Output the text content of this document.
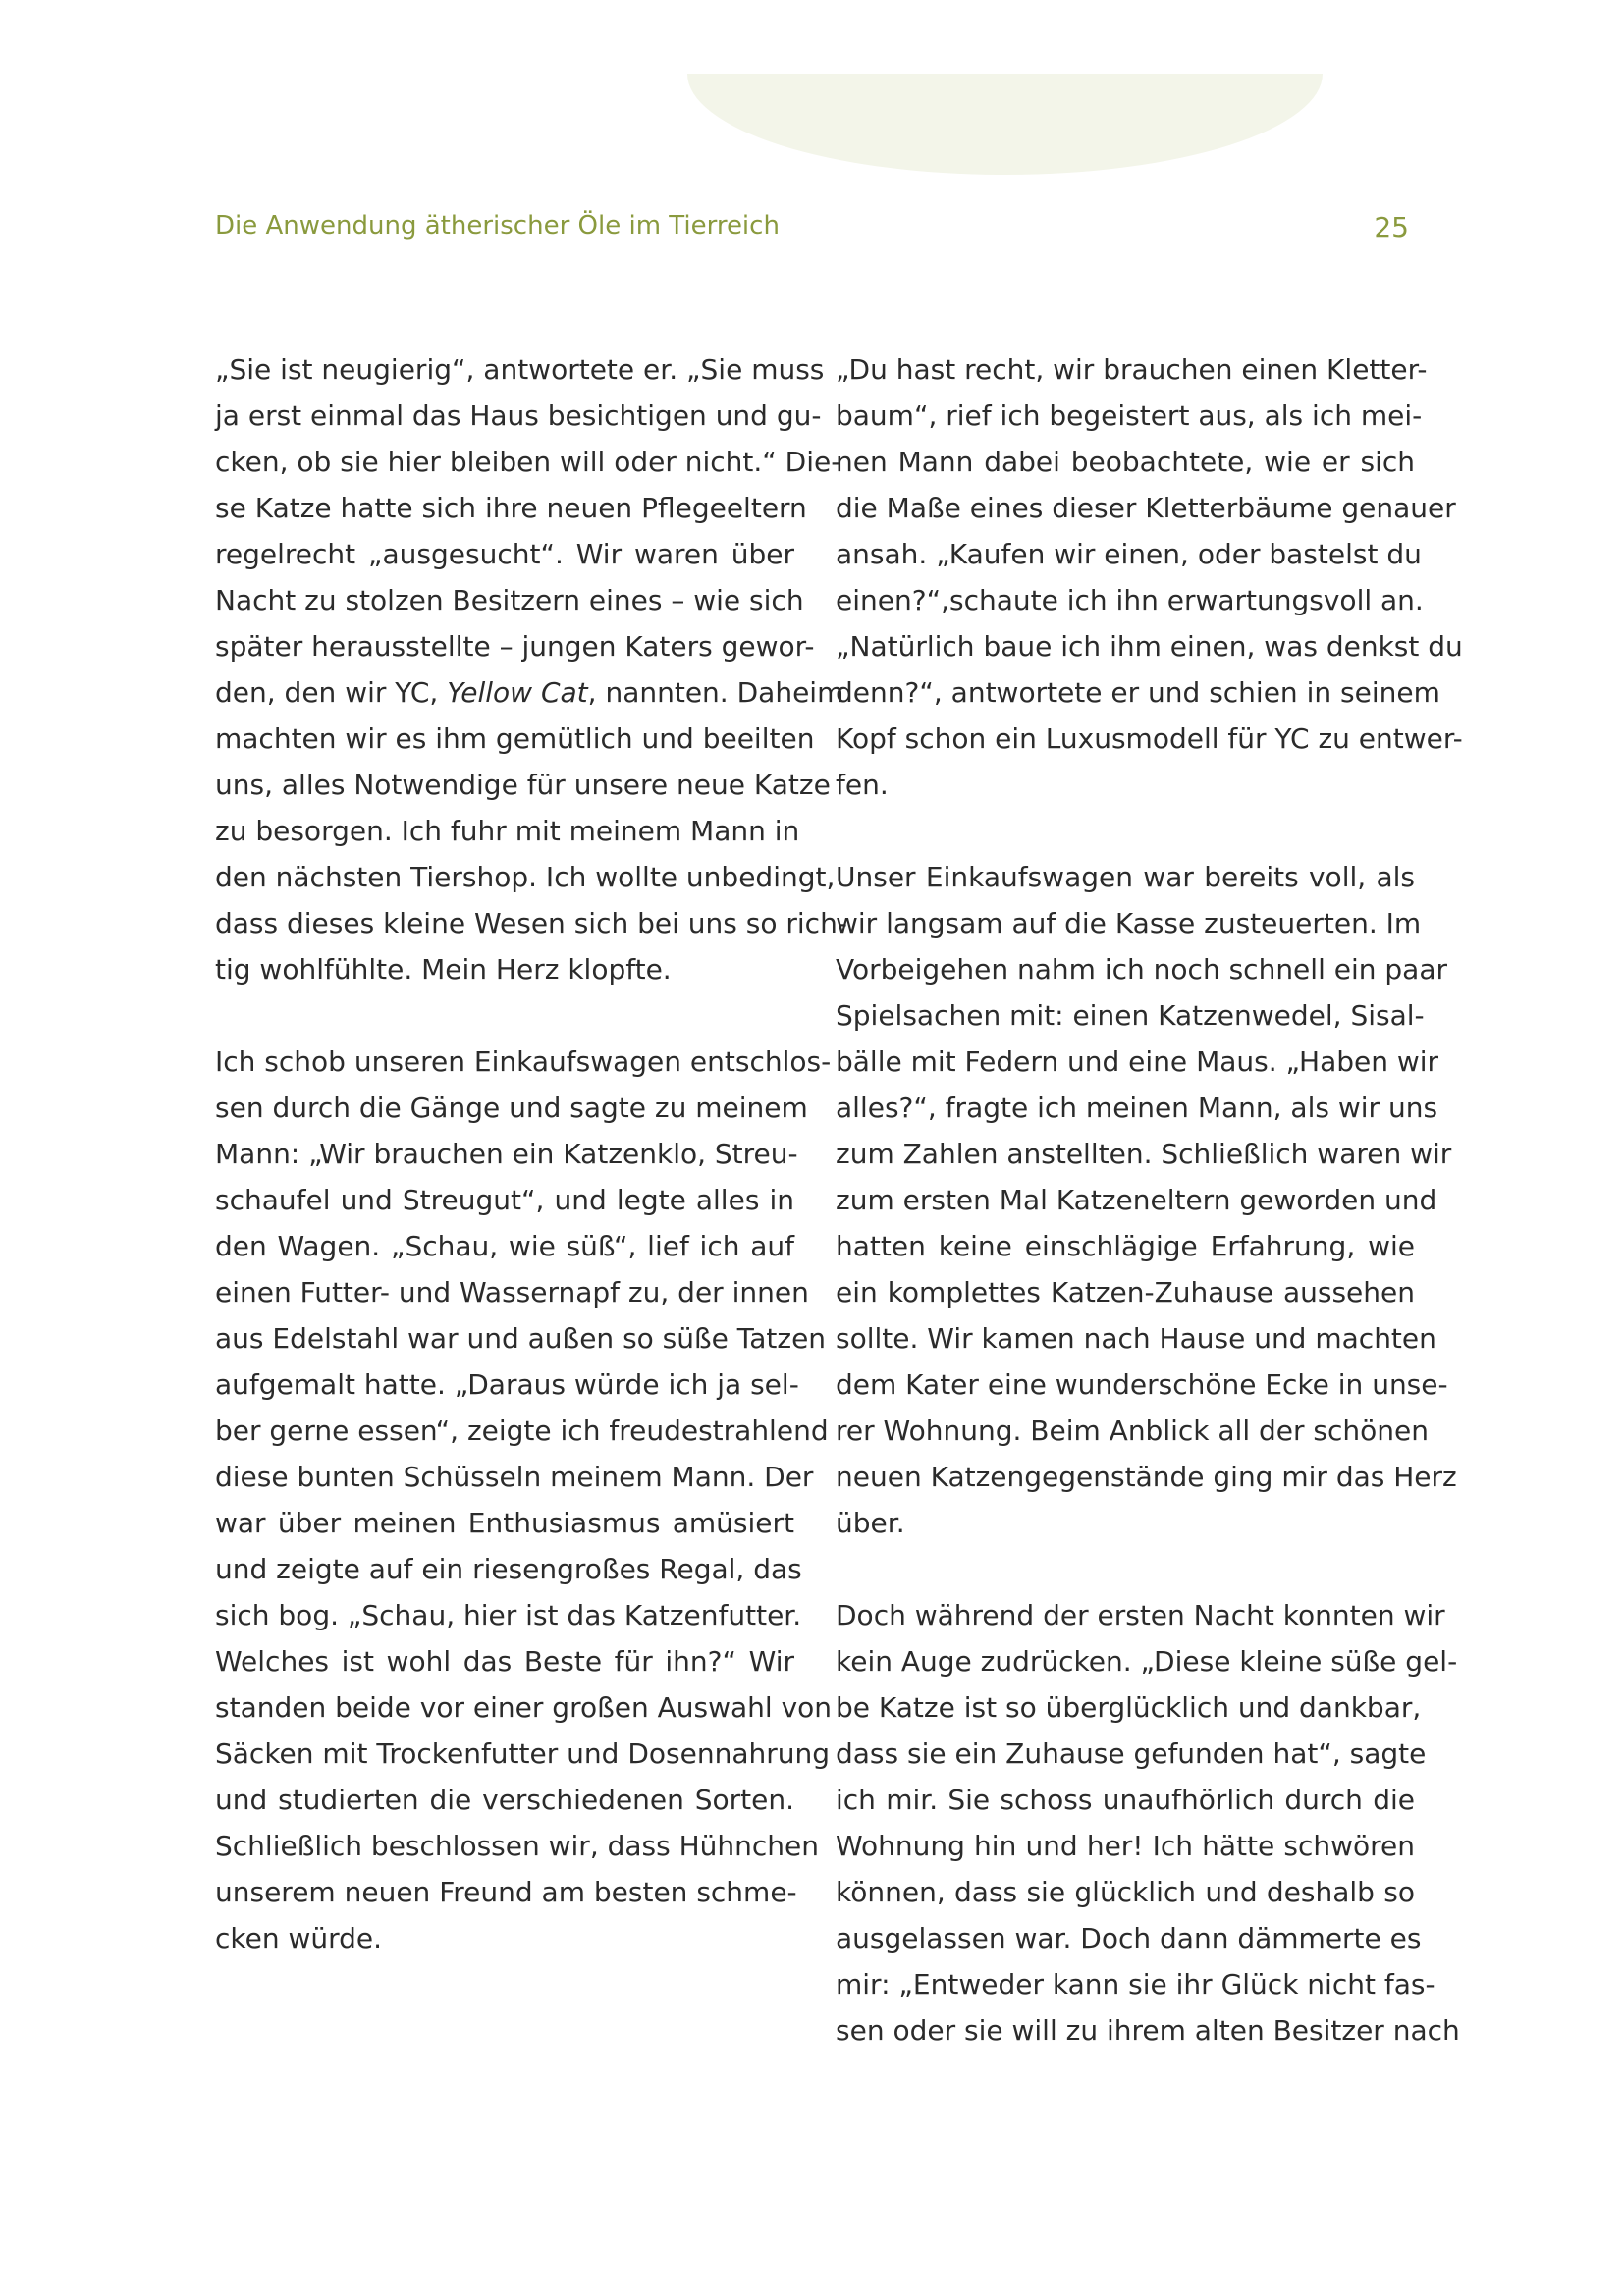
Die Anwendung ätherischer Öle im Tierreich	25
„Sie ist neugierig“, antwortete er. „Sie muss
ja erst einmal das Haus besichtigen und gu-
cken, ob sie hier bleiben will oder nicht.“ Die-
se Katze hatte sich ihre neuen Pflegeeltern
regelrecht „ausgesucht“. Wir waren über
Nacht zu stolzen Besitzern eines – wie sich
später herausstellte – jungen Katers gewor-
den, den wir YC, Yellow Cat, nannten. Daheim
machten wir es ihm gemütlich und beeilten
uns, alles Notwendige für unsere neue Katze
zu besorgen. Ich fuhr mit meinem Mann in
den nächsten Tiershop. Ich wollte unbedingt,
dass dieses kleine Wesen sich bei uns so rich-
tig wohlfühlte. Mein Herz klopfte.
Ich schob unseren Einkaufswagen entschlos-
sen durch die Gänge und sagte zu meinem
Mann: „Wir brauchen ein Katzenklo, Streu-
schaufel und Streugut“, und legte alles in
den Wagen. „Schau, wie süß“, lief ich auf
einen Futter- und Wassernapf zu, der innen
aus Edelstahl war und außen so süße Tatzen
aufgemalt hatte. „Daraus würde ich ja sel-
ber gerne essen“, zeigte ich freudestrahlend
diese bunten Schüsseln meinem Mann. Der
war über meinen Enthusiasmus amüsiert
und zeigte auf ein riesengroßes Regal, das
sich bog. „Schau, hier ist das Katzenfutter.
Welches ist wohl das Beste für ihn?“ Wir
standen beide vor einer großen Auswahl von
Säcken mit Trockenfutter und Dosennahrung
und studierten die verschiedenen Sorten.
Schließlich beschlossen wir, dass Hühnchen
unserem neuen Freund am besten schme-
cken würde.
„Du hast recht, wir brauchen einen Kletter-
baum“, rief ich begeistert aus, als ich mei-
nen Mann dabei beobachtete, wie er sich
die Maße eines dieser Kletterbäume genauer
ansah. „Kaufen wir einen, oder bastelst du
einen?“,schaute ich ihn erwartungsvoll an.
„Natürlich baue ich ihm einen, was denkst du
denn?“, antwortete er und schien in seinem
Kopf schon ein Luxusmodell für YC zu entwer-
fen.
Unser Einkaufswagen war bereits voll, als
wir langsam auf die Kasse zusteuerten. Im
Vorbeigehen nahm ich noch schnell ein paar
Spielsachen mit: einen Katzenwedel, Sisal-
bälle mit Federn und eine Maus. „Haben wir
alles?“, fragte ich meinen Mann, als wir uns
zum Zahlen anstellten. Schließlich waren wir
zum ersten Mal Katzeneltern geworden und
hatten keine einschlägige Erfahrung, wie
ein komplettes Katzen-Zuhause aussehen
sollte. Wir kamen nach Hause und machten
dem Kater eine wunderschöne Ecke in unse-
rer Wohnung. Beim Anblick all der schönen
neuen Katzengegenstände ging mir das Herz
über.
Doch während der ersten Nacht konnten wir
kein Auge zudrücken. „Diese kleine süße gel-
be Katze ist so überglücklich und dankbar,
dass sie ein Zuhause gefunden hat“, sagte
ich mir. Sie schoss unaufhörlich durch die
Wohnung hin und her! Ich hätte schwören
können, dass sie glücklich und deshalb so
ausgelassen war. Doch dann dämmerte es
mir: „Entweder kann sie ihr Glück nicht fas-
sen oder sie will zu ihrem alten Besitzer nach
